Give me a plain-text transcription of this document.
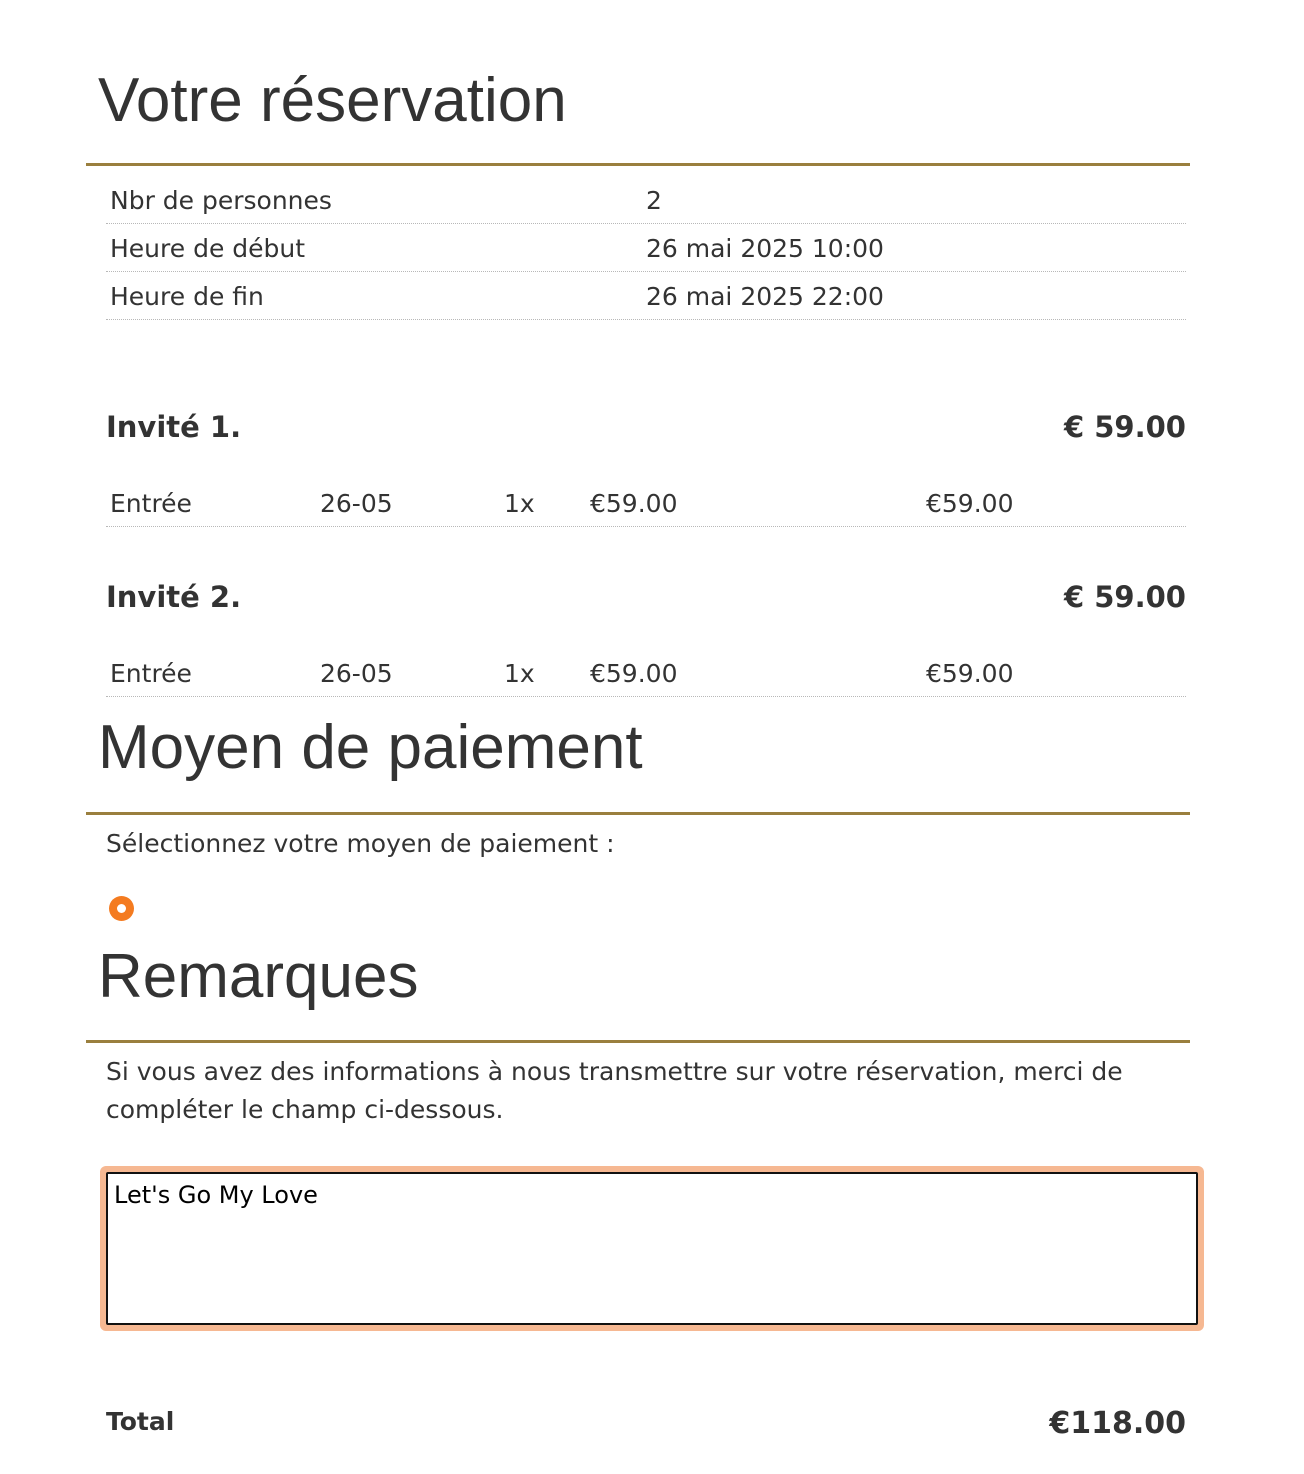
Votre réservation
Nbr de personnes	2
Heure de début	26 mai 2025 10:00
Heure de fin	26 mai 2025 22:00
Invité 1.	€ 59.00
Entrée	26-05	1x €59.00	€59.00
Invité 2.	€ 59.00
Entrée	26-05	1x €59.00	€59.00
Moyen de paiement

Sélectionnez votre moyen de paiement :

Remarques

Si vous avez des informations à nous transmettre sur votre réservation, merci de compléter le champ ci-dessous.

Let's Go My Love
Total	€118.00
